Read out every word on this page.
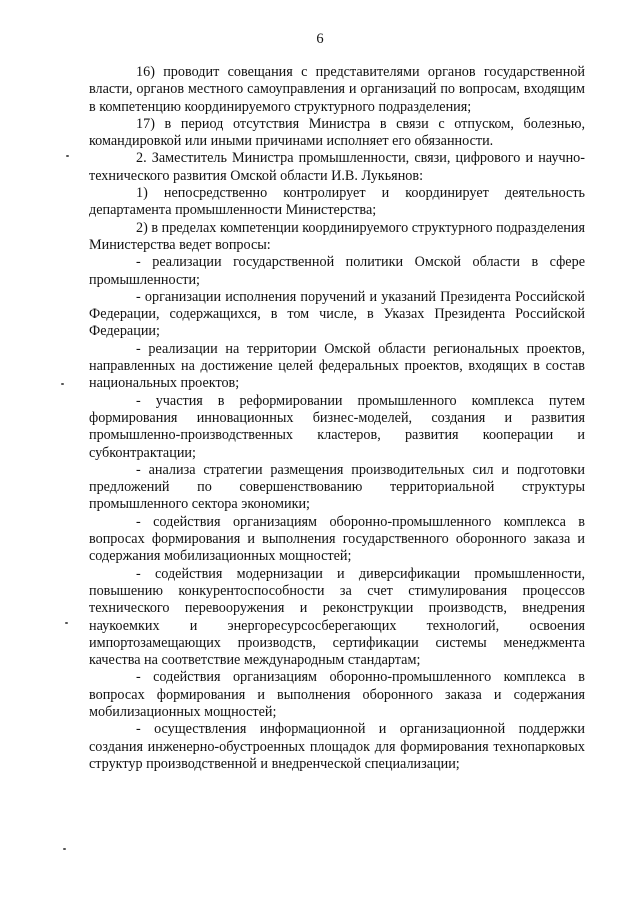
6

16) проводит совещания с представителями органов государственной власти, органов местного самоуправления и организаций по вопросам, входящим в компетенцию координируемого структурного подразделения;

17) в период отсутствия Министра в связи с отпуском, болезнью, командировкой или иными причинами исполняет его обязанности.

2. Заместитель Министра промышленности, связи, цифрового и научно-технического развития Омской области И.В. Лукьянов:

1) непосредственно контролирует и координирует деятельность департамента промышленности Министерства;

2) в пределах компетенции координируемого структурного подразделения Министерства ведет вопросы:

- реализации государственной политики Омской области в сфере промышленности;

- организации исполнения поручений и указаний Президента Российской Федерации, содержащихся, в том числе, в Указах Президента Российской Федерации;

- реализации на территории Омской области региональных проектов, направленных на достижение целей федеральных проектов, входящих в состав национальных проектов;

- участия в реформировании промышленного комплекса путем формирования инновационных бизнес-моделей, создания и развития промышленно-производственных кластеров, развития кооперации и субконтрактации;

- анализа стратегии размещения производительных сил и подготовки предложений по совершенствованию территориальной структуры промышленного сектора экономики;

- содействия организациям оборонно-промышленного комплекса в вопросах формирования и выполнения государственного оборонного заказа и содержания мобилизационных мощностей;

- содействия модернизации и диверсификации промышленности, повышению конкурентоспособности за счет стимулирования процессов технического перевооружения и реконструкции производств, внедрения наукоемких и энергоресурсосберегающих технологий, освоения импортозамещающих производств, сертификации системы менеджмента качества на соответствие международным стандартам;

- содействия организациям оборонно-промышленного комплекса в вопросах формирования и выполнения оборонного заказа и содержания мобилизационных мощностей;

- осуществления информационной и организационной поддержки создания инженерно-обустроенных площадок для формирования технопарковых структур производственной и внедренческой специализации;
